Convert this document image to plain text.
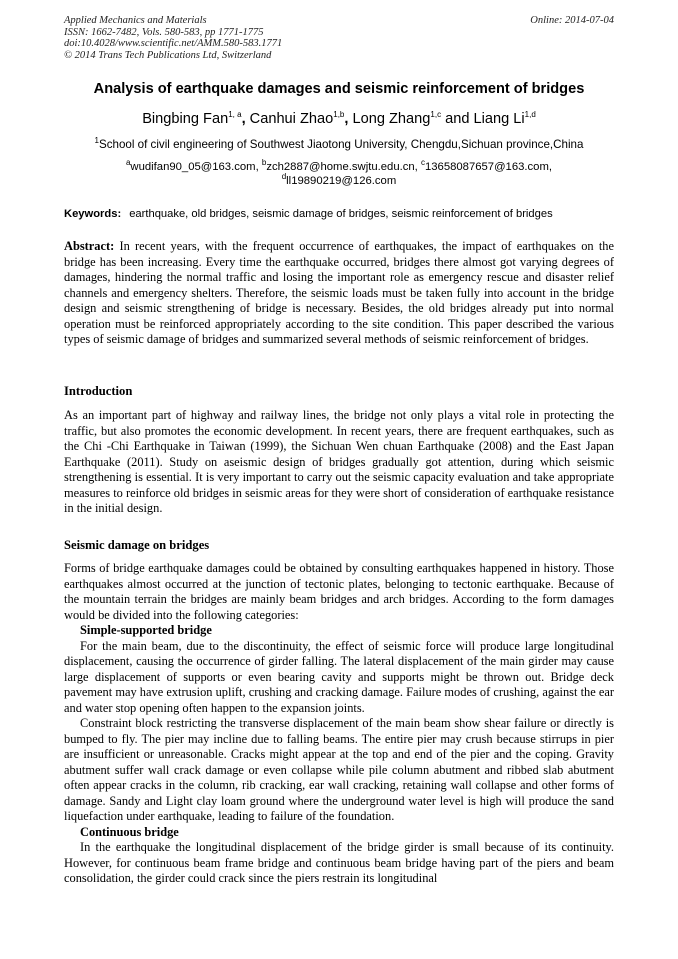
Applied Mechanics and Materials
ISSN: 1662-7482, Vols. 580-583, pp 1771-1775
doi:10.4028/www.scientific.net/AMM.580-583.1771
© 2014 Trans Tech Publications Ltd, Switzerland
Online: 2014-07-04
Analysis of earthquake damages and seismic reinforcement of bridges
Bingbing Fan$^{1, a}$, Canhui Zhao$^{1,b}$, Long Zhang$^{1,c}$ and Liang Li$^{1,d}$
$^1$School of civil engineering of Southwest Jiaotong University, Chengdu,Sichuan province,China
$^a$wudifan90_05@163.com, $^b$zch2887@home.swjtu.edu.cn, $^c$13658087657@163.com,
$^d$ll19890219@126.com
Keywords: earthquake, old bridges, seismic damage of bridges, seismic reinforcement of bridges

Abstract: In recent years, with the frequent occurrence of earthquakes, the impact of earthquakes on the bridge has been increasing. Every time the earthquake occurred, bridges there almost got varying degrees of damages, hindering the normal traffic and losing the important role as emergency rescue and disaster relief channels and emergency shelters. Therefore, the seismic loads must be taken fully into account in the bridge design and seismic strengthening of bridge is necessary. Besides, the old bridges already put into normal operation must be reinforced appropriately according to the site condition. This paper described the various types of seismic damage of bridges and summarized several methods of seismic reinforcement of bridges.

Introduction

As an important part of highway and railway lines, the bridge not only plays a vital role in protecting the traffic, but also promotes the economic development. In recent years, there are frequent earthquakes, such as the Chi -Chi Earthquake in Taiwan (1999), the Sichuan Wen chuan Earthquake (2008) and the East Japan Earthquake (2011). Study on aseismic design of bridges gradually got attention, during which seismic strengthening is essential. It is very important to carry out the seismic capacity evaluation and take appropriate measures to reinforce old bridges in seismic areas for they were short of consideration of earthquake resistance in the initial design.

Seismic damage on bridges

Forms of bridge earthquake damages could be obtained by consulting earthquakes happened in history. Those earthquakes almost occurred at the junction of tectonic plates, belonging to tectonic earthquake. Because of the mountain terrain the bridges are mainly beam bridges and arch bridges. According to the form damages would be divided into the following categories:

Simple-supported bridge

For the main beam, due to the discontinuity, the effect of seismic force will produce large longitudinal displacement, causing the occurrence of girder falling. The lateral displacement of the main girder may cause large displacement of supports or even bearing cavity and supports might be thrown out. Bridge deck pavement may have extrusion uplift, crushing and cracking damage. Failure modes of crushing, against the ear and water stop opening often happen to the expansion joints.

Constraint block restricting the transverse displacement of the main beam show shear failure or directly is bumped to fly. The pier may incline due to falling beams. The entire pier may crush because stirrups in pier are insufficient or unreasonable. Cracks might appear at the top and end of the pier and the coping. Gravity abutment suffer wall crack damage or even collapse while pile column abutment and ribbed slab abutment often appear cracks in the column, rib cracking, ear wall cracking, retaining wall collapse and other forms of damage. Sandy and Light clay loam ground where the underground water level is high will produce the sand liquefaction under earthquake, leading to failure of the foundation.

Continuous bridge

In the earthquake the longitudinal displacement of the bridge girder is small because of its continuity. However, for continuous beam frame bridge and continuous beam bridge having part of the piers and beam consolidation, the girder could crack since the piers restrain its longitudinal
